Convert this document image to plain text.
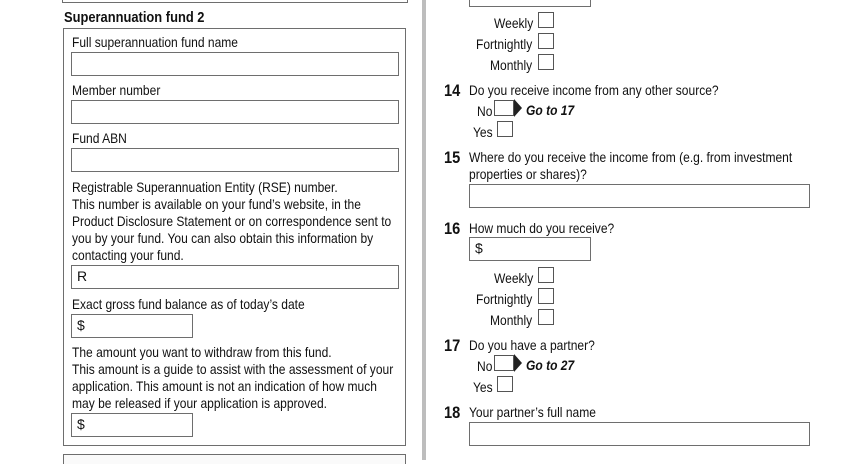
Superannuation fund 2
Full superannuation fund name
Member number
Fund ABN
Registrable Superannuation Entity (RSE) number.
This number is available on your fund’s website, in the
Product Disclosure Statement or on correspondence sent to
you by your fund. You can also obtain this information by
contacting your fund.
R
Exact gross fund balance as of today’s date
$
The amount you want to withdraw from this fund.
This amount is a guide to assist with the assessment of your
application. This amount is not an indication of how much
may be released if your application is approved.
$
Weekly
Fortnightly
Monthly
14 Do you receive income from any other source?
No Go to 17
Yes
15 Where do you receive the income from (e.g. from investment
properties or shares)?
16 How much do you receive?
$
Weekly
Fortnightly
Monthly
17 Do you have a partner?
No Go to 27
Yes
18 Your partner’s full name
